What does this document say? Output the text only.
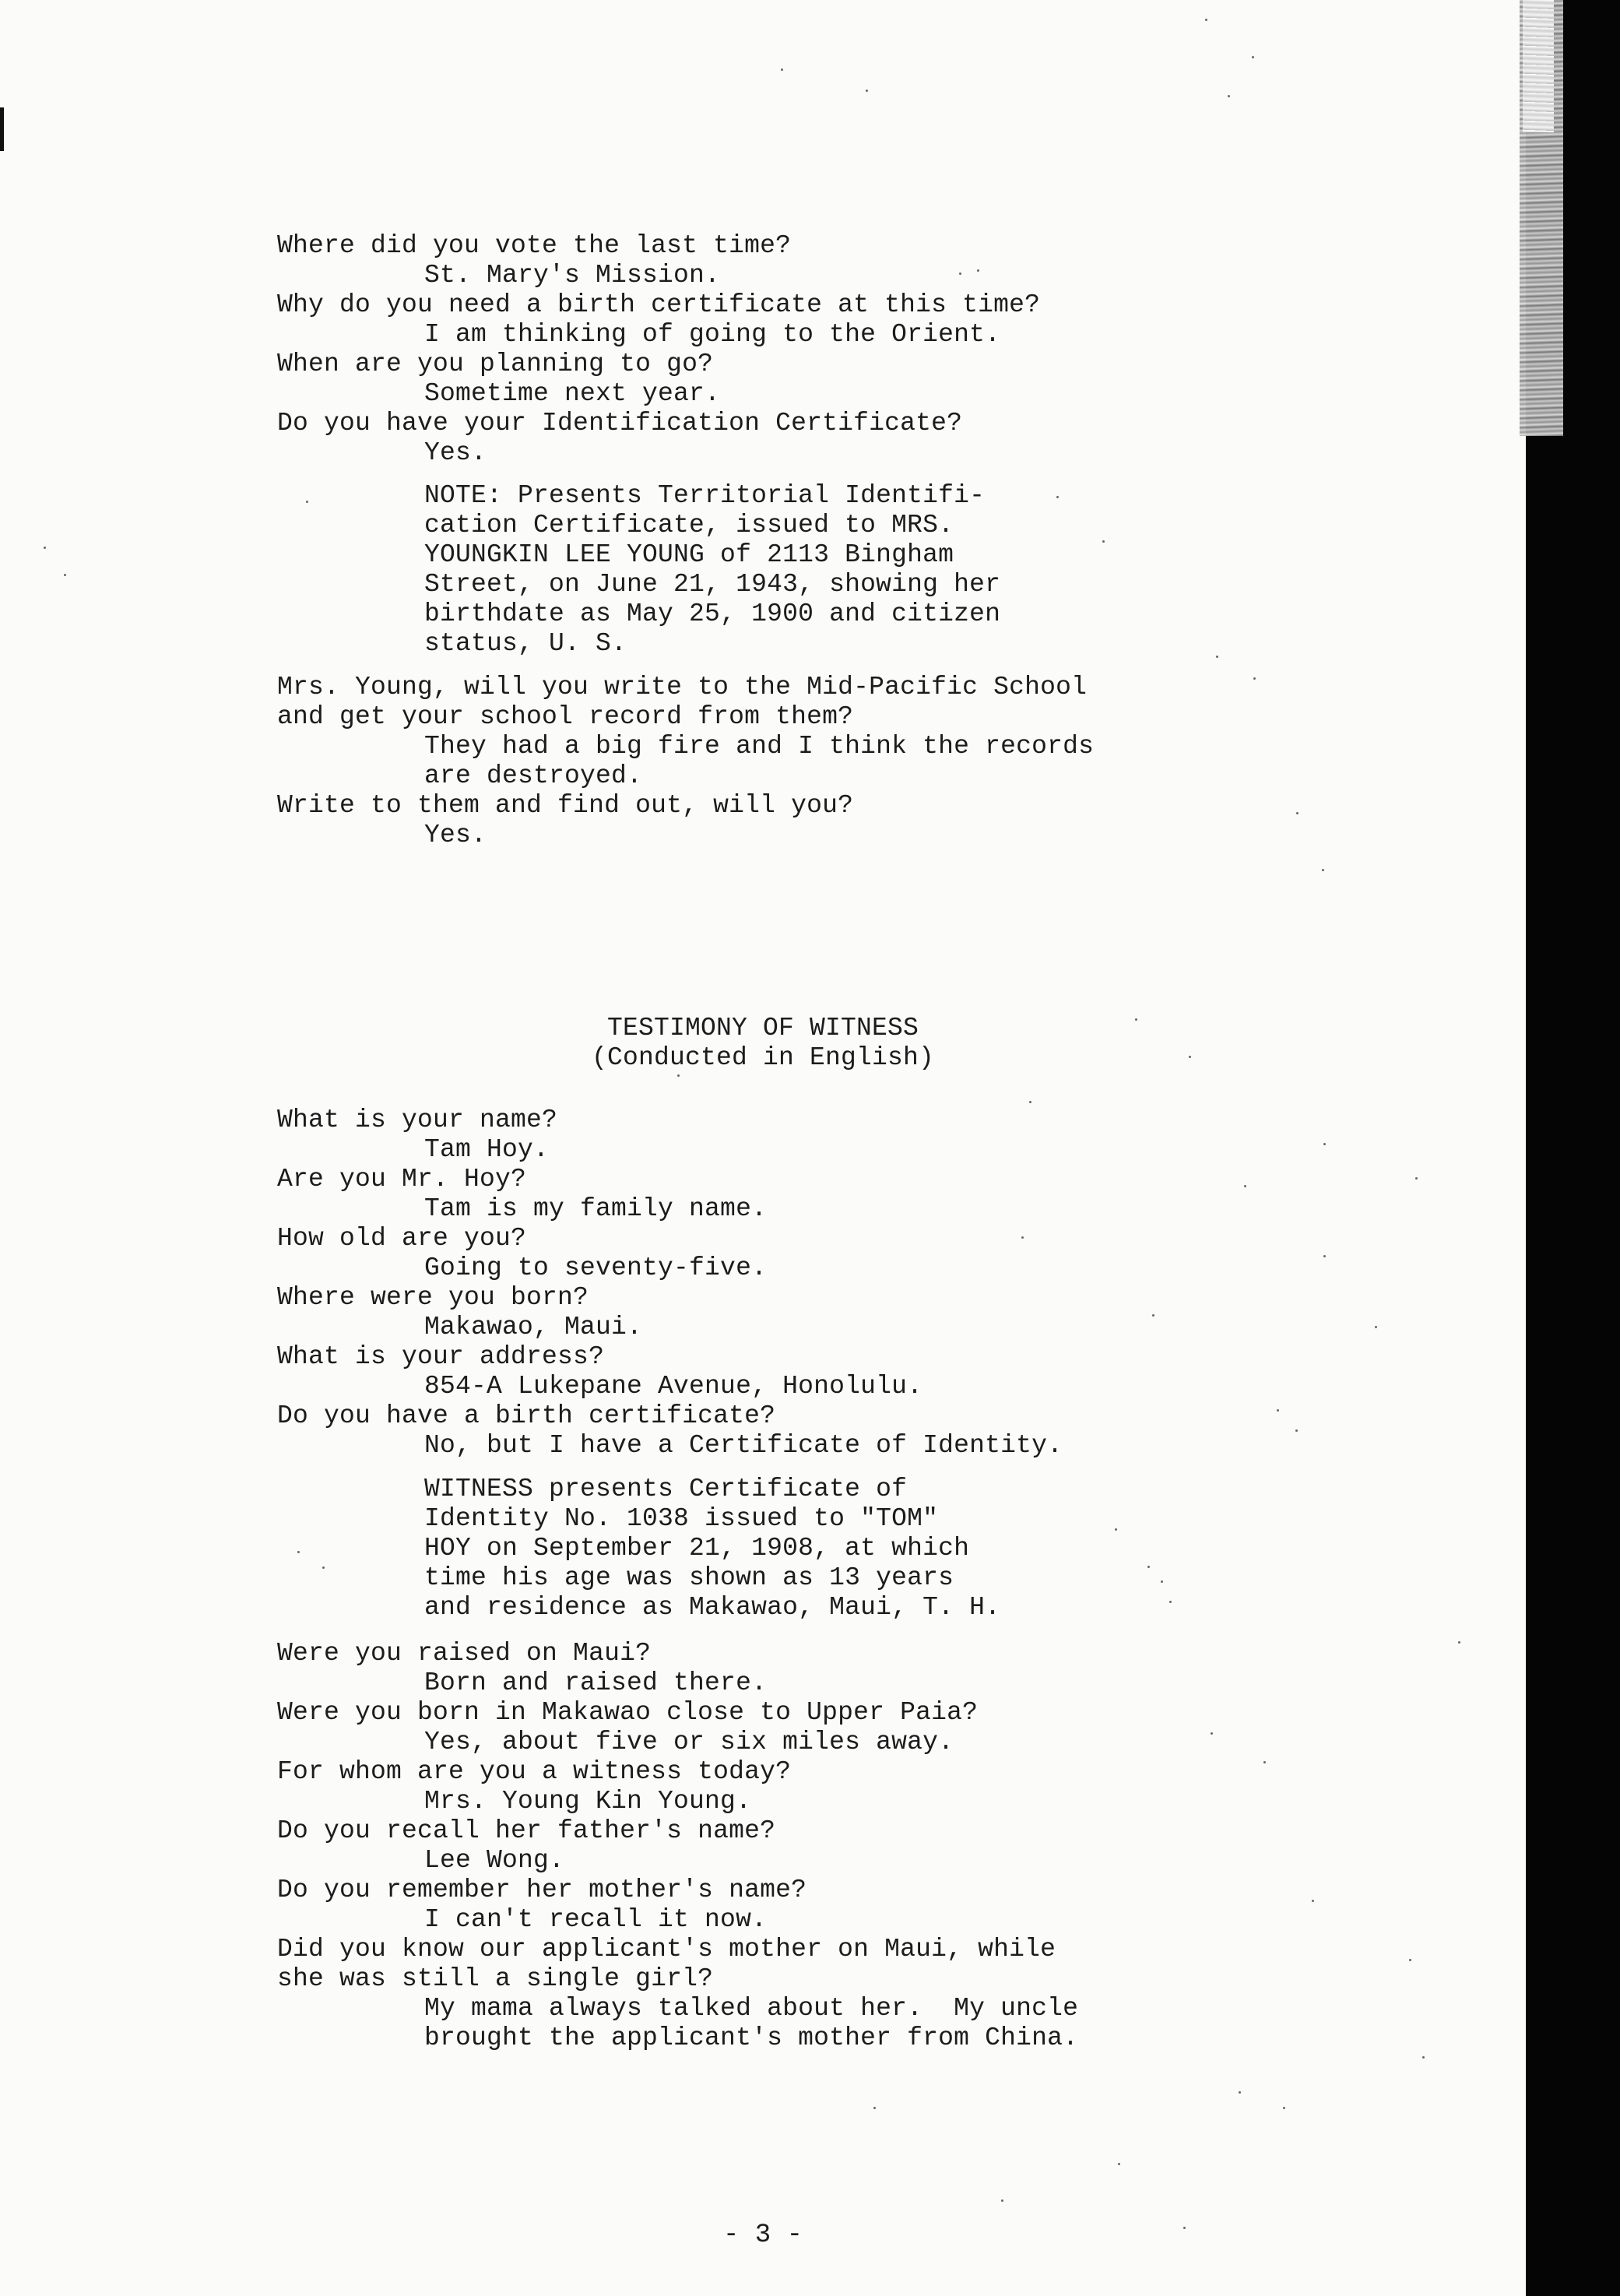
Where did you vote the last time?
St. Mary's Mission.
Why do you need a birth certificate at this time?
I am thinking of going to the Orient.
When are you planning to go?
Sometime next year.
Do you have your Identification Certificate?
Yes.
NOTE: Presents Territorial Identifi-
cation Certificate, issued to MRS.
YOUNGKIN LEE YOUNG of 2113 Bingham
Street, on June 21, 1943, showing her
birthdate as May 25, 1900 and citizen
status, U. S.
Mrs. Young, will you write to the Mid-Pacific School
and get your school record from them?
They had a big fire and I think the records
are destroyed.
Write to them and find out, will you?
Yes.
TESTIMONY OF WITNESS
(Conducted in English)
What is your name?
Tam Hoy.
Are you Mr. Hoy?
Tam is my family name.
How old are you?
Going to seventy-five.
Where were you born?
Makawao, Maui.
What is your address?
854-A Lukepane Avenue, Honolulu.
Do you have a birth certificate?
No, but I have a Certificate of Identity.
WITNESS presents Certificate of
Identity No. 1038 issued to "TOM"
HOY on September 21, 1908, at which
time his age was shown as 13 years
and residence as Makawao, Maui, T. H.
Were you raised on Maui?
Born and raised there.
Were you born in Makawao close to Upper Paia?
Yes, about five or six miles away.
For whom are you a witness today?
Mrs. Young Kin Young.
Do you recall her father's name?
Lee Wong.
Do you remember her mother's name?
I can't recall it now.
Did you know our applicant's mother on Maui, while
she was still a single girl?
My mama always talked about her.  My uncle
brought the applicant's mother from China.
- 3 -
